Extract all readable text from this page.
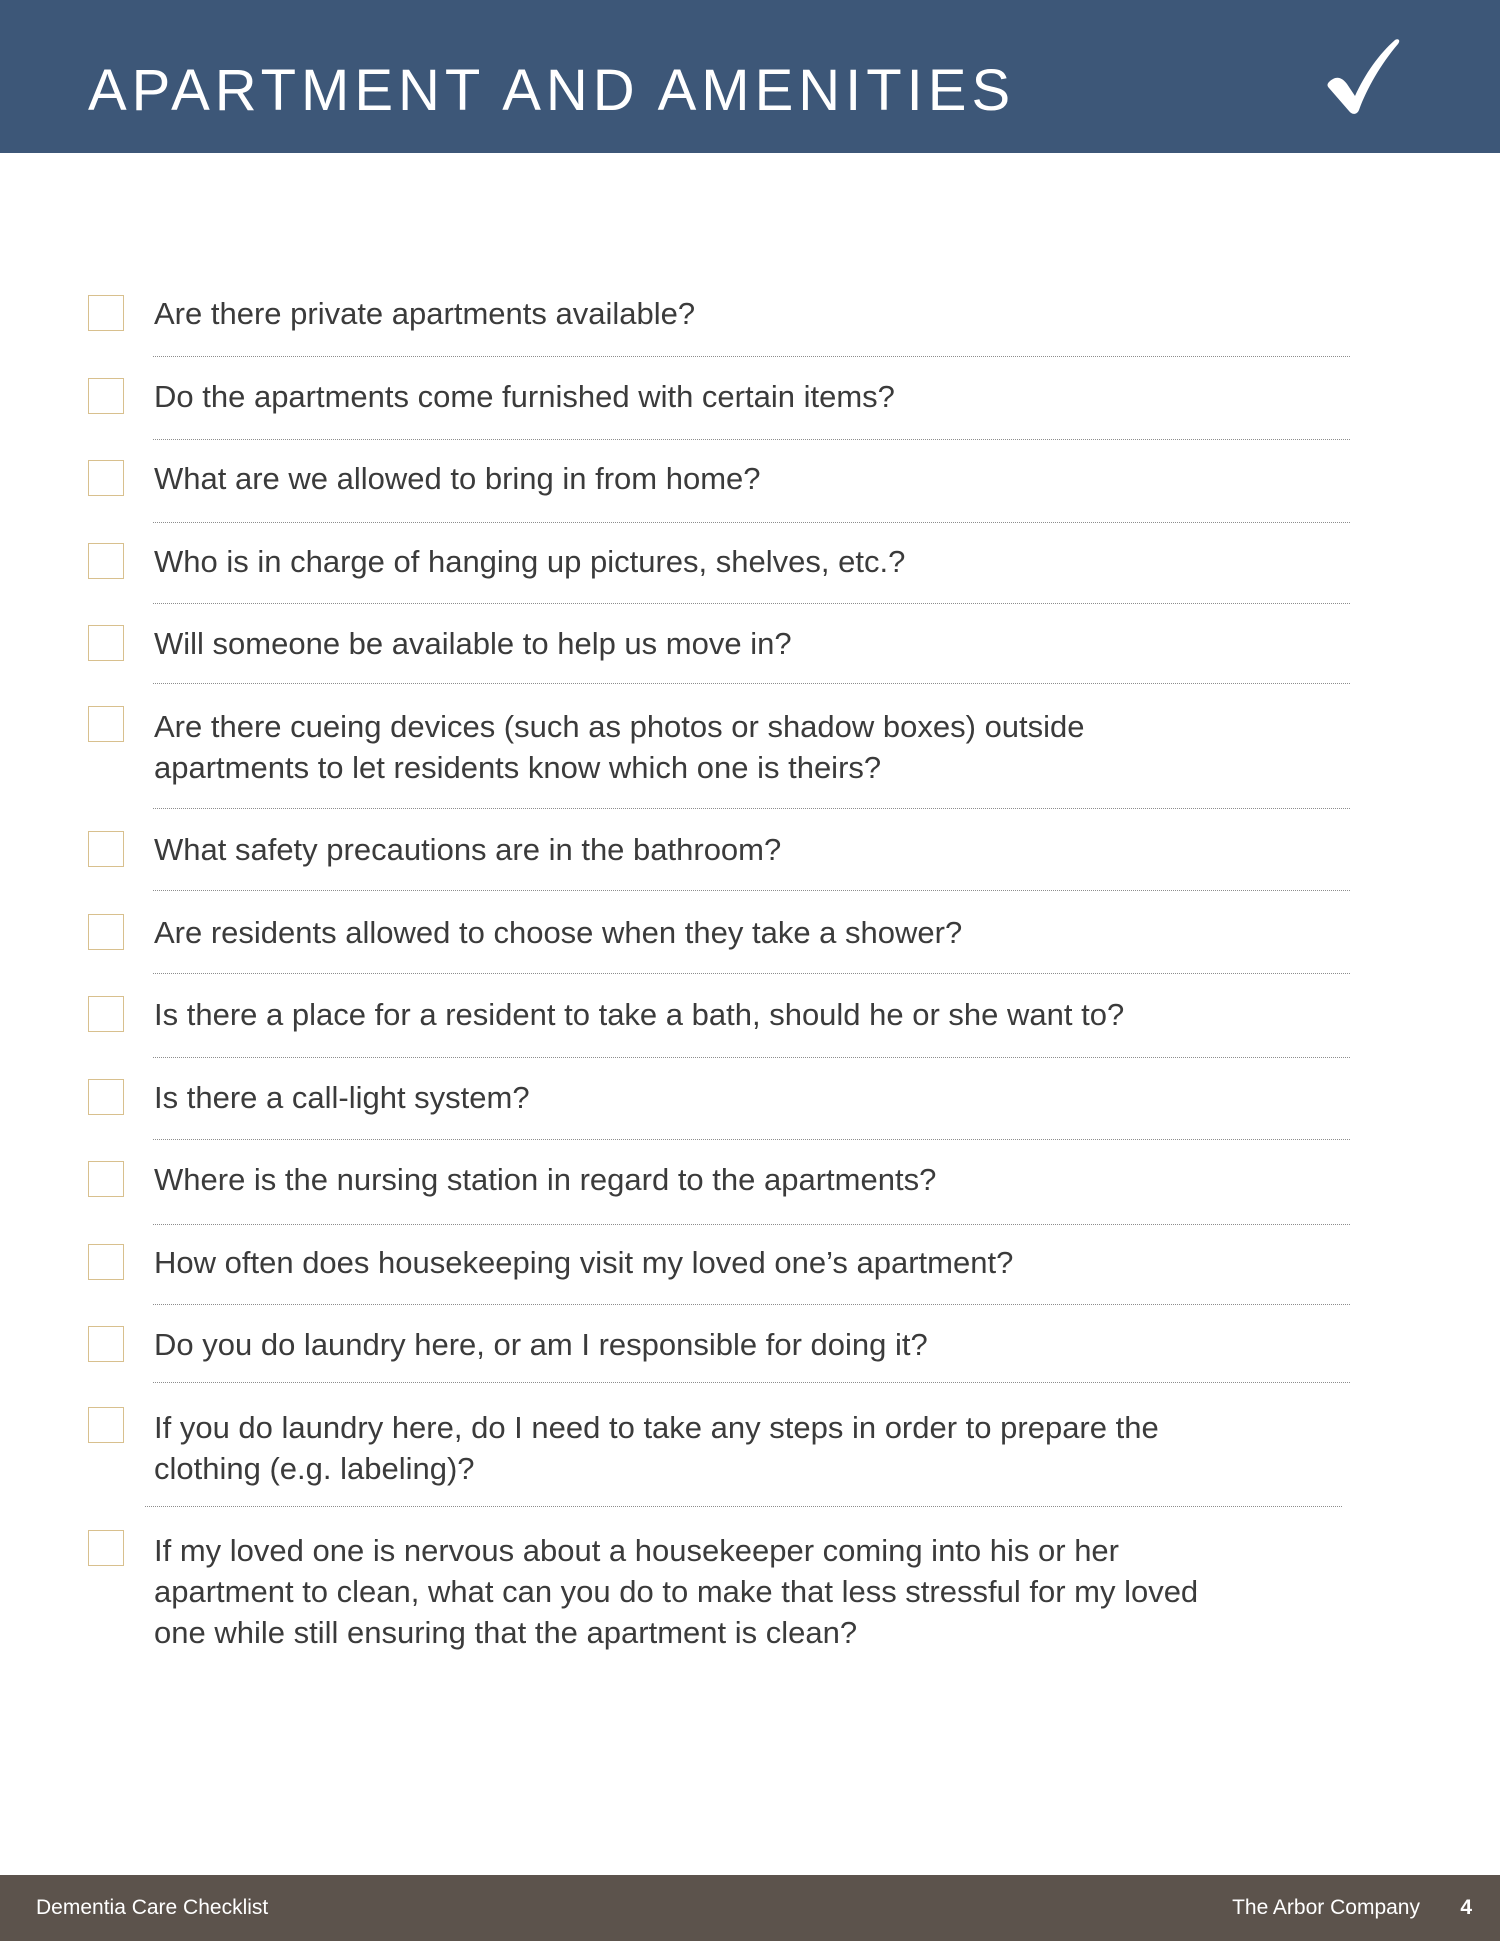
APARTMENT AND AMENITIES
Are there private apartments available?
Do the apartments come furnished with certain items?
What are we allowed to bring in from home?
Who is in charge of hanging up pictures, shelves, etc.?
Will someone be available to help us move in?
Are there cueing devices (such as photos or shadow boxes) outside apartments to let residents know which one is theirs?
What safety precautions are in the bathroom?
Are residents allowed to choose when they take a shower?
Is there a place for a resident to take a bath, should he or she want to?
Is there a call-light system?
Where is the nursing station in regard to the apartments?
How often does housekeeping visit my loved one’s apartment?
Do you do laundry here, or am I responsible for doing it?
If you do laundry here, do I need to take any steps in order to prepare the clothing (e.g. labeling)?
If my loved one is nervous about a housekeeper coming into his or her apartment to clean, what can you do to make that less stressful for my loved one while still ensuring that the apartment is clean?
Dementia Care Checklist	The Arbor Company 4
